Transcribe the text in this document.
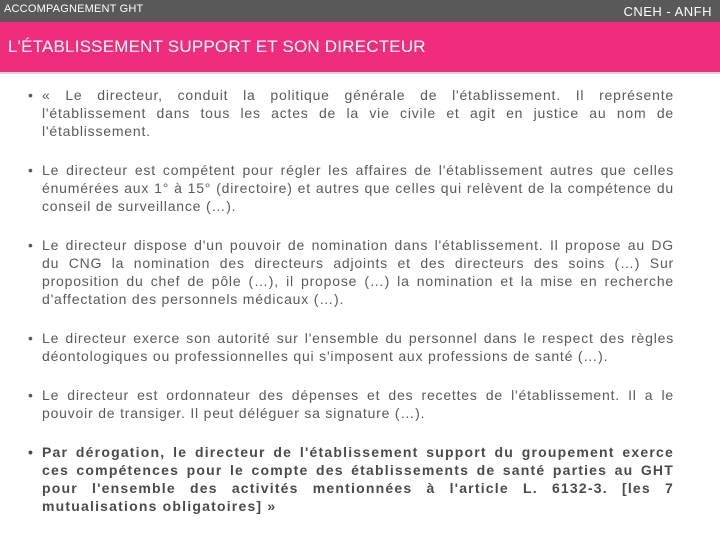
ACCOMPAGNEMENT GHT	CNEH - ANFH
L'ÉTABLISSEMENT SUPPORT ET SON DIRECTEUR
• « Le directeur, conduit la politique générale de l'établissement. Il représente l'établissement dans tous les actes de la vie civile et agit en justice au nom de l'établissement.
• Le directeur est compétent pour régler les affaires de l'établissement autres que celles énumérées aux 1° à 15° (directoire) et autres que celles qui relèvent de la compétence du conseil de surveillance (…).
• Le directeur dispose d'un pouvoir de nomination dans l'établissement. Il propose au DG du CNG la nomination des directeurs adjoints et des directeurs des soins (…) Sur proposition du chef de pôle (…), il propose (…) la nomination et la mise en recherche d'affectation des personnels médicaux (…).
• Le directeur exerce son autorité sur l'ensemble du personnel dans le respect des règles déontologiques ou professionnelles qui s'imposent aux professions de santé (…).
• Le directeur est ordonnateur des dépenses et des recettes de l'établissement. Il a le pouvoir de transiger. Il peut déléguer sa signature (…).
• Par dérogation, le directeur de l'établissement support du groupement exerce ces compétences pour le compte des établissements de santé parties au GHT pour l'ensemble des activités mentionnées à l'article L. 6132-3. [les 7 mutualisations obligatoires] »
